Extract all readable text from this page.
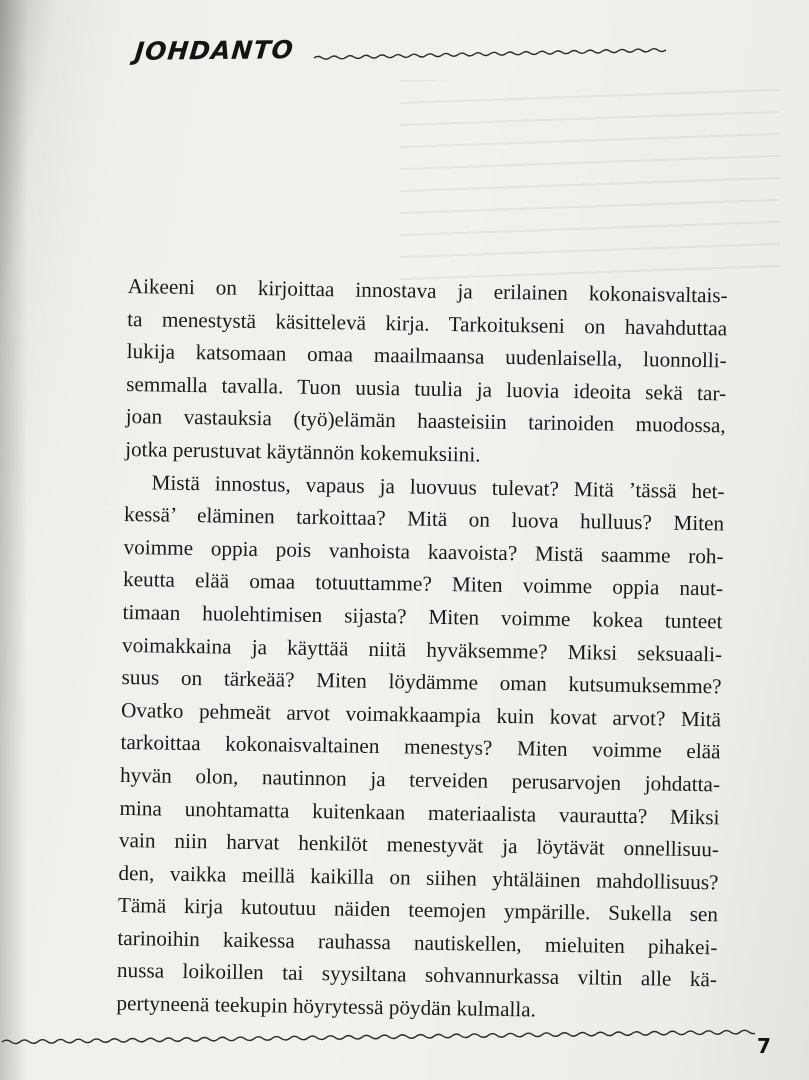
JOHDANTO
Aikeeni on kirjoittaa innostava ja erilainen kokonaisvaltais-
ta menestystä käsittelevä kirja. Tarkoitukseni on havahduttaa
lukija katsomaan omaa maailmaansa uudenlaisella, luonnolli-
semmalla tavalla. Tuon uusia tuulia ja luovia ideoita sekä tar-
joan vastauksia (työ)elämän haasteisiin tarinoiden muodossa,
jotka perustuvat käytännön kokemuksiini.
Mistä innostus, vapaus ja luovuus tulevat? Mitä ’tässä het-
kessä’ eläminen tarkoittaa? Mitä on luova hulluus? Miten
voimme oppia pois vanhoista kaavoista? Mistä saamme roh-
keutta elää omaa totuuttamme? Miten voimme oppia naut-
timaan huolehtimisen sijasta? Miten voimme kokea tunteet
voimakkaina ja käyttää niitä hyväksemme? Miksi seksuaali-
suus on tärkeää? Miten löydämme oman kutsumuksemme?
Ovatko pehmeät arvot voimakkaampia kuin kovat arvot? Mitä
tarkoittaa kokonaisvaltainen menestys? Miten voimme elää
hyvän olon, nautinnon ja terveiden perusarvojen johdatta-
mina unohtamatta kuitenkaan materiaalista vaurautta? Miksi
vain niin harvat henkilöt menestyvät ja löytävät onnellisuu-
den, vaikka meillä kaikilla on siihen yhtäläinen mahdollisuus?
Tämä kirja kutoutuu näiden teemojen ympärille. Sukella sen
tarinoihin kaikessa rauhassa nautiskellen, mieluiten pihakei-
nussa loikoillen tai syysiltana sohvannurkassa viltin alle kä-
pertyneenä teekupin höyrytessä pöydän kulmalla.
7
